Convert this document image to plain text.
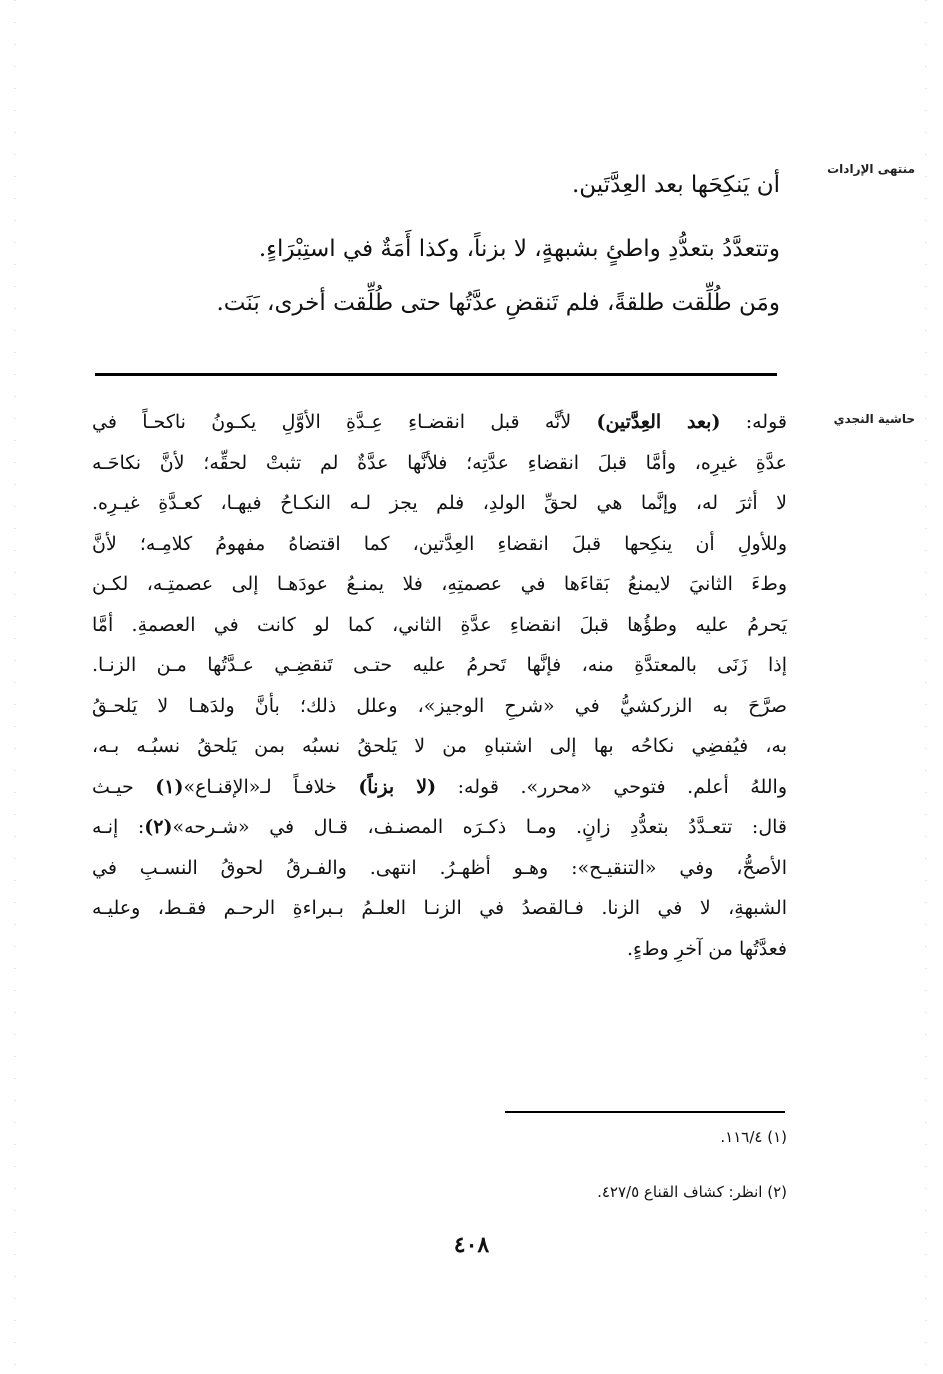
منتهى الإرادات
حاشية النجدي
أن يَنكِحَها بعد العِدَّتَين.
وتتعدَّدُ بتعدُّدِ واطئٍ بشبهةٍ، لا بزناً، وكذا أَمَةٌ في استِبْرَاءٍ.
ومَن طُلِّقت طلقةً، فلم تَنقضِ عدَّتُها حتى طُلِّقت أخرى، بَنَت.
قوله: (بعد العِدَّتين) لأنَّه قبل انقضـاءِ عِـدَّةِ الأوَّلِ يكـونُ ناكحـاً في
عدَّةِ غيرِه، وأمَّا قبلَ انقضاءِ عدَّتِه؛ فلأنَّها عدَّةٌ لم تثبتْ لحقِّه؛ لأنَّ نكاحَـه
لا أثرَ له، وإنَّما هي لحقِّ الولدِ، فلم يجز لـه النكـاحُ فيهـا، كعـدَّةِ غيـرِه.
وللأولِ أن ينكِحها قبلَ انقضاءِ العِدَّتين، كما اقتضاهُ مفهومُ كلامِـه؛ لأنَّ
وطءَ الثانيَ لايمنعُ بَقاءَها في عصمتِهِ، فلا يمنـعُ عودَهـا إلى عصمتِـه، لكـن
يَحرمُ عليه وطؤُها قبلَ انقضاءِ عدَّةِ الثاني، كما لو كانت في العصمةِ. أمَّا
إذا زَنَى بالمعتدَّةِ منه، فإنَّها تَحرمُ عليه حتـى تَنقضِـي عـدَّتُها مـن الزنـا.
صرَّحَ به الزركشيُّ في «شرحِ الوجيز»، وعلل ذلك؛ بأنَّ ولدَهـا لا يَلحـقُ
به، فيُفضِي نكاحُه بها إلى اشتباهِ من لا يَلحقُ نسبُه بمن يَلحقُ نسبُـه بـه،
واللهُ أعلم. فتوحي «محرر». قوله: (لا بزناً) خلافـاً لـ«الإقنـاع»(١) حيـث
قال: تتعـدَّدُ بتعدُّدِ زانٍ. ومـا ذكـرَه المصنـف، قـال في «شـرحه»(٢): إنـه
الأصحُّ، وفي «التنقيـح»: وهـو أظهـرُ. انتهى. والفـرقُ لحوقُ النسـبِ في
الشبهةِ، لا في الزنا. فـالقصدُ في الزنـا العلـمُ بـبراءةِ الرحـم فقـط، وعليـه
فعدَّتُها من آخرِ وطءٍ.
(١) ١١٦/٤.
(٢) انظر: كشاف القناع ٤٢٧/٥.
٤٠٨
